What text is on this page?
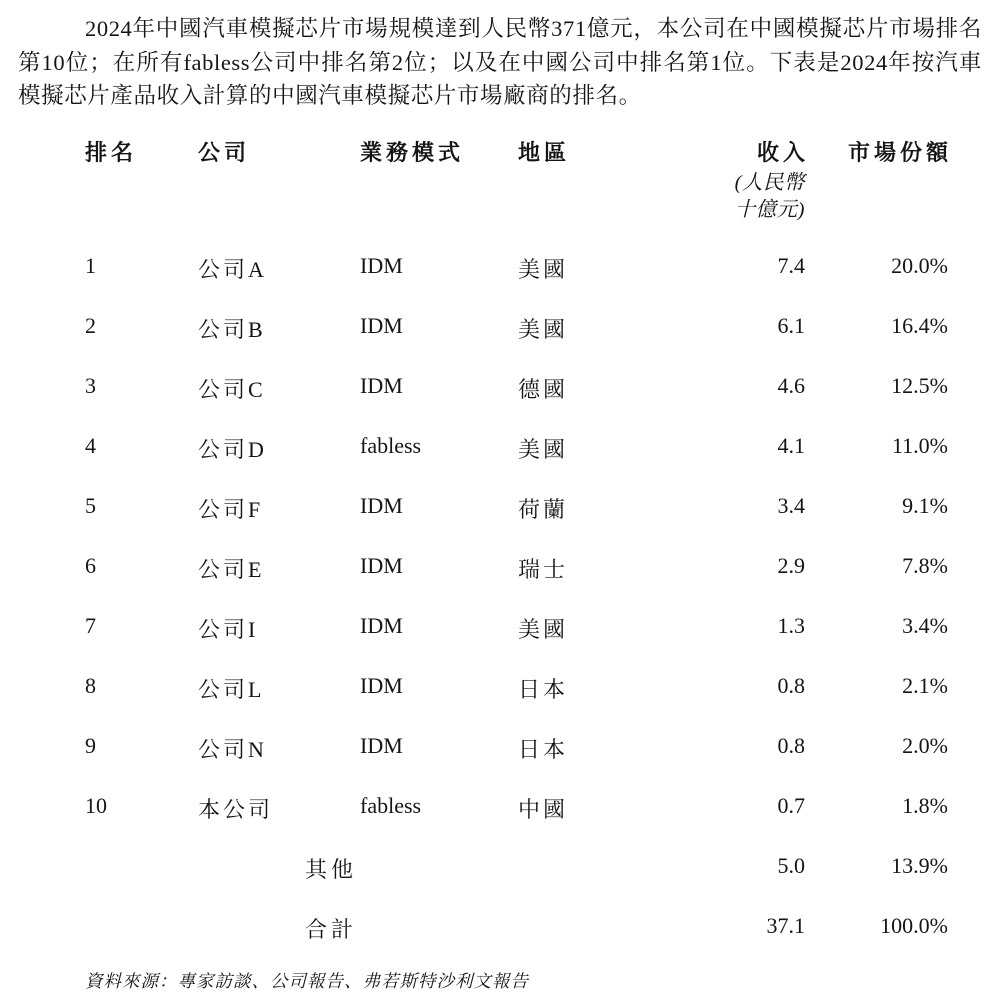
2024年中國汽車模擬芯片市場規模達到人民幣371億元，本公司在中國模擬芯片市場排名第10位；在所有fabless公司中排名第2位；以及在中國公司中排名第1位。下表是2024年按汽車模擬芯片產品收入計算的中國汽車模擬芯片市場廠商的排名。

排名	公司	業務模式	地區	收入
(人民幣
十億元)	市場份額
1	公司A	IDM	美國	7.4	20.0%
2	公司B	IDM	美國	6.1	16.4%
3	公司C	IDM	德國	4.6	12.5%
4	公司D	fabless	美國	4.1	11.0%
5	公司F	IDM	荷蘭	3.4	9.1%
6	公司E	IDM	瑞士	2.9	7.8%
7	公司I	IDM	美國	1.3	3.4%
8	公司L	IDM	日本	0.8	2.1%
9	公司N	IDM	日本	0.8	2.0%
10	本公司	fabless	中國	0.7	1.8%
其他				5.0	13.9%
合計				37.1	100.0%

資料來源：專家訪談、公司報告、弗若斯特沙利文報告
